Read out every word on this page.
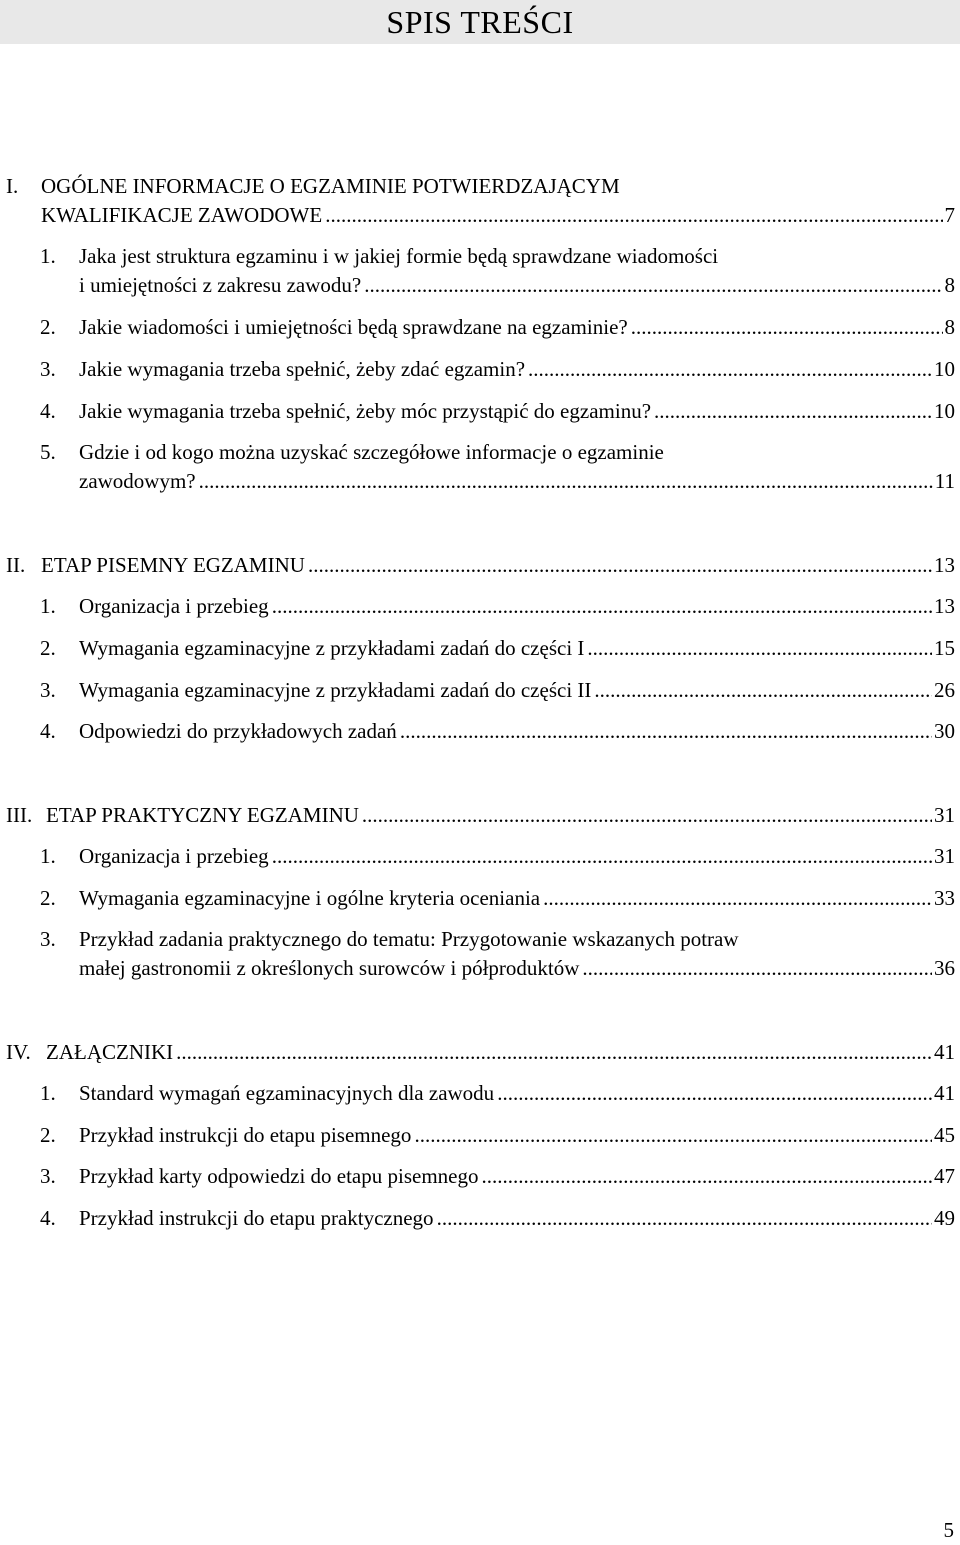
SPIS TREŚCI
I. OGÓLNE INFORMACJE O EGZAMINIE POTWIERDZAJĄCYM
KWALIFIKACJE ZAWODOWE .....	7
1. Jaka jest struktura egzaminu i w jakiej formie będą sprawdzane wiadomości
i umiejętności z zakresu zawodu? .....	8
2. Jakie wiadomości i umiejętności będą sprawdzane na egzaminie? .....	8
3. Jakie wymagania trzeba spełnić, żeby zdać egzamin? .....	10
4. Jakie wymagania trzeba spełnić, żeby móc przystąpić do egzaminu? .....	10
5. Gdzie i od kogo można uzyskać szczegółowe informacje o egzaminie
zawodowym? .....	11
II. ETAP PISEMNY EGZAMINU .....	13
1. Organizacja i przebieg .....	13
2. Wymagania egzaminacyjne z przykładami zadań do części I .....	15
3. Wymagania egzaminacyjne z przykładami zadań do części II .....	26
4. Odpowiedzi do przykładowych zadań .....	30
III. ETAP PRAKTYCZNY EGZAMINU .....	31
1. Organizacja i przebieg .....	31
2. Wymagania egzaminacyjne i ogólne kryteria oceniania .....	33
3. Przykład zadania praktycznego do tematu: Przygotowanie wskazanych potraw
małej gastronomii z określonych surowców i półproduktów .....	36
IV. ZAŁĄCZNIKI .....	41
1. Standard wymagań egzaminacyjnych dla zawodu .....	41
2. Przykład instrukcji do etapu pisemnego .....	45
3. Przykład karty odpowiedzi do etapu pisemnego .....	47
4. Przykład instrukcji do etapu praktycznego .....	49
5
